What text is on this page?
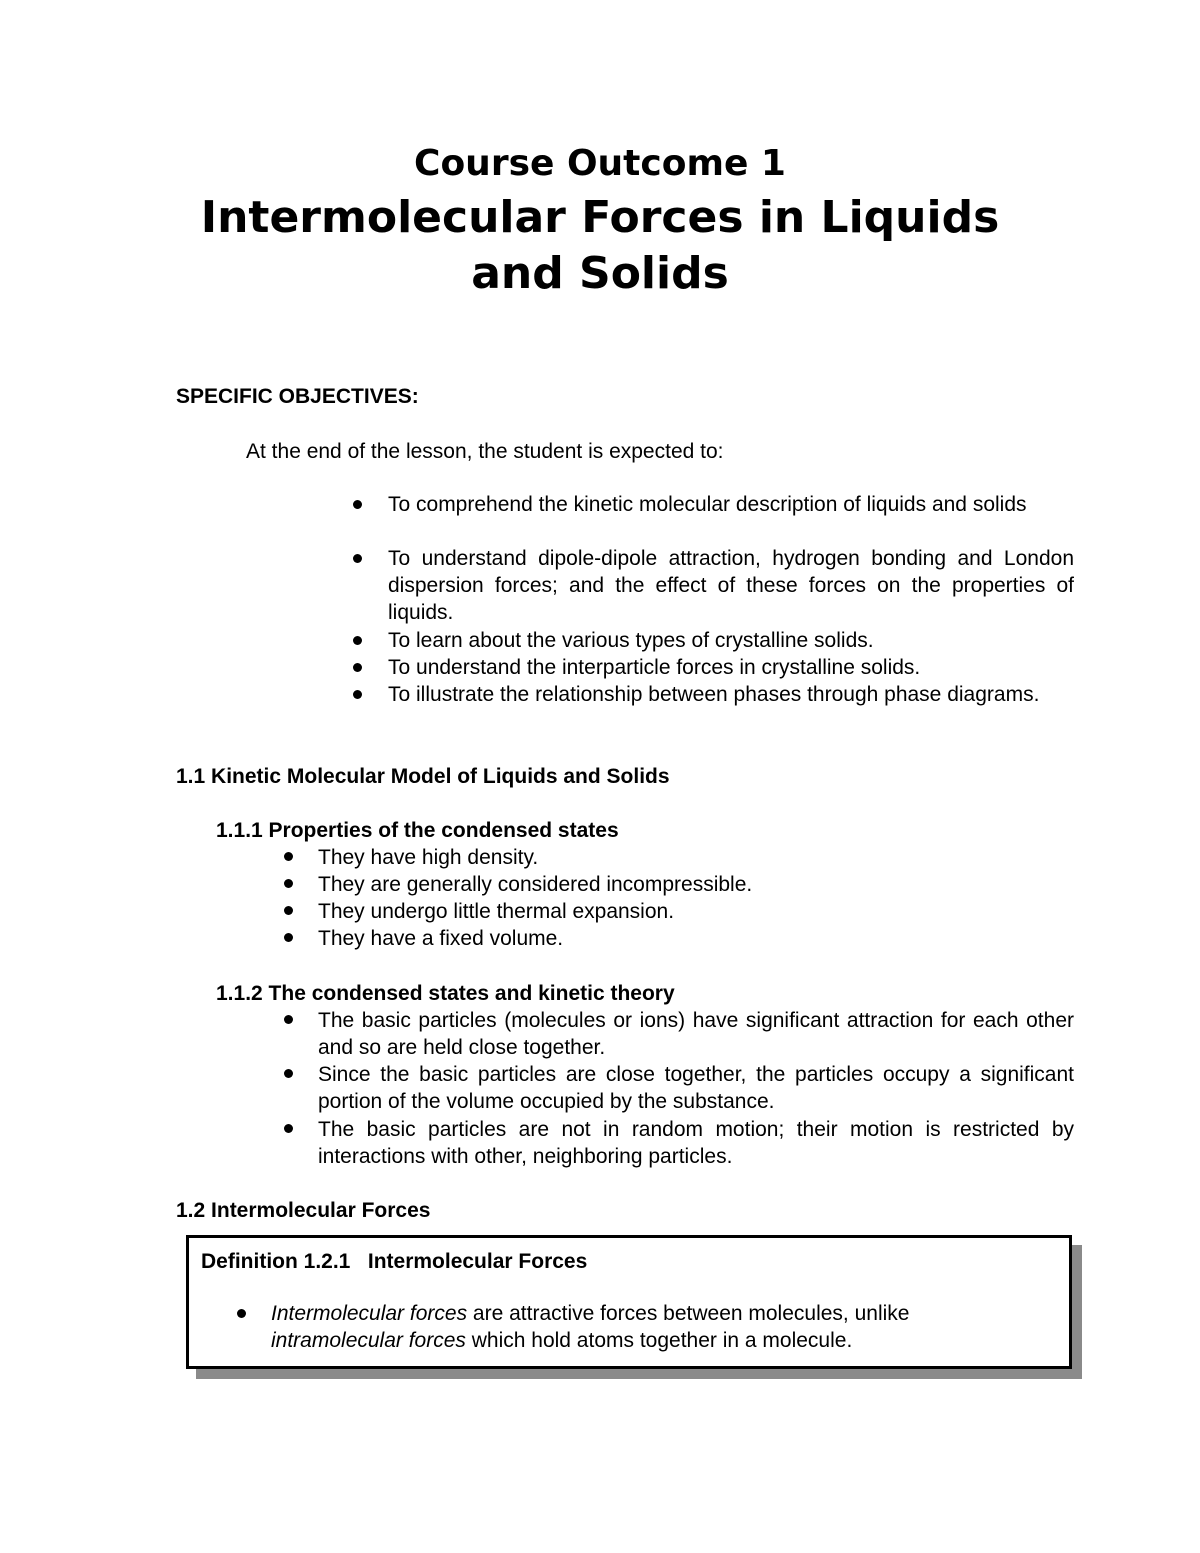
Course Outcome 1
Intermolecular Forces in Liquids
and Solids
SPECIFIC OBJECTIVES:
At the end of the lesson, the student is expected to:
To comprehend the kinetic molecular description of liquids and solids
To understand dipole-dipole attraction, hydrogen bonding and London dispersion forces; and the effect of these forces on the properties of liquids.
To learn about the various types of crystalline solids.
To understand the interparticle forces in crystalline solids.
To illustrate the relationship between phases through phase diagrams.
1.1 Kinetic Molecular Model of Liquids and Solids
1.1.1 Properties of the condensed states
They have high density.
They are generally considered incompressible.
They undergo little thermal expansion.
They have a fixed volume.
1.1.2 The condensed states and kinetic theory
The basic particles (molecules or ions) have significant attraction for each other and so are held close together.
Since the basic particles are close together, the particles occupy a significant portion of the volume occupied by the substance.
The basic particles are not in random motion; their motion is restricted by interactions with other, neighboring particles.
1.2 Intermolecular Forces
Definition 1.2.1   Intermolecular Forces
Intermolecular forces are attractive forces between molecules, unlike
intramolecular forces which hold atoms together in a molecule.
